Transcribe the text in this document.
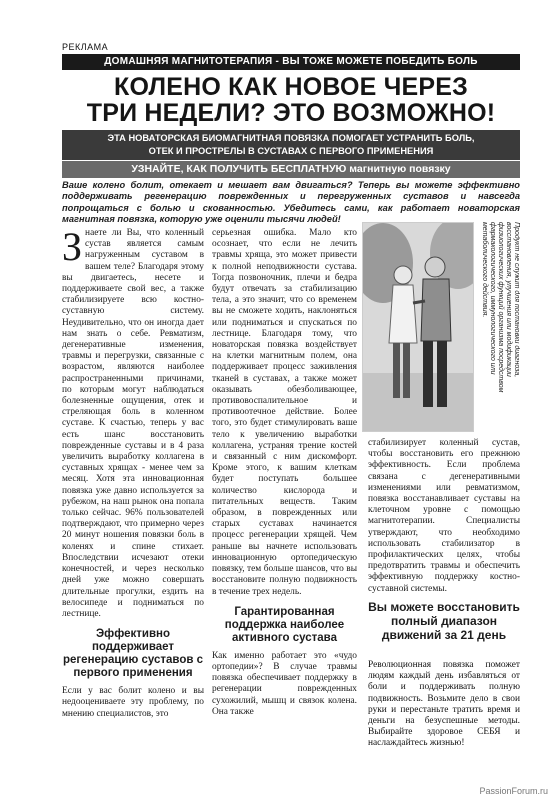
РЕКЛАМА
ДОМАШНЯЯ МАГНИТОТЕРАПИЯ - ВЫ ТОЖЕ МОЖЕТЕ ПОБЕДИТЬ БОЛЬ
КОЛЕНО КАК НОВОЕ ЧЕРЕЗ
ТРИ НЕДЕЛИ? ЭТО ВОЗМОЖНО!
ЭТА НОВАТОРСКАЯ БИОМАГНИТНАЯ ПОВЯЗКА ПОМОГАЕТ УСТРАНИТЬ БОЛЬ,
ОТЕК И ПРОСТРЕЛЫ В СУСТАВАХ С ПЕРВОГО ПРИМЕНЕНИЯ
УЗНАЙТЕ, КАК ПОЛУЧИТЬ БЕСПЛАТНУЮ магнитную повязку
Ваше колено болит, отекает и мешает вам двигаться? Теперь вы можете эффективно поддерживать регенерацию поврежденных и перегруженных суставов и навсегда попрощаться с болью и скованностью. Убедитесь сами, как работает новаторская магнитная повязка, которую уже оценили тысячи людей!

Знаете ли Вы, что коленный сустав является самым нагруженным суставом в вашем теле? Благодаря этому вы двигаетесь, несете и поддерживаете свой вес, а также стабилизируете всю костно-суставную систему. Неудивительно, что он иногда дает нам знать о себе. Ревматизм, дегенеративные изменения, травмы и перегрузки, связанные с возрастом, являются наиболее распространенными причинами, по которым могут наблюдаться болезненные ощущения, отек и стреляющая боль в коленном суставе. К счастью, теперь у вас есть шанс восстановить поврежденные суставы и в 4 раза увеличить выработку коллагена в суставных хрящах - менее чем за месяц. Хотя эта инновационная повязка уже давно используется за рубежом, на наш рынок она попала только сейчас. 96% пользователей подтверждают, что примерно через 20 минут ношения повязки боль в коленях и спине стихает. Впоследствии исчезают отеки конечностей, и через несколько дней уже можно совершать длительные прогулки, ездить на велосипеде и подниматься по лестнице.

Эффективно поддерживает регенерацию суставов с первого применения

Если у вас болит колено и вы недооцениваете эту проблему, по мнению специалистов, это

серьезная ошибка. Мало кто осознает, что если не лечить травмы хряща, это может привести к полной неподвижности сустава. Тогда позвоночник, плечи и бедра будут отвечать за стабилизацию тела, а это значит, что со временем вы не сможете ходить, наклоняться или подниматься и спускаться по лестнице. Благодаря тому, что новаторская повязка воздействует на клетки магнитным полем, она поддерживает процесс заживления тканей в суставах, а также может оказывать обезболивающее, противовоспалительное и противоотечное действие. Более того, это будет стимулировать ваше тело к увеличению выработки коллагена, устраняя трение костей и связанный с ним дискомфорт. Кроме этого, к вашим клеткам будет поступать большее количество кислорода и питательных веществ. Таким образом, в поврежденных или старых суставах начинается процесс регенерации хрящей. Чем раньше вы начнете использовать инновационную ортопедическую повязку, тем больше шансов, что вы восстановите полную подвижность в течение трех недель.

Гарантированная поддержка наиболее активного сустава

Как именно работает это «чудо ортопедии»? В случае травмы повязка обеспечивает поддержку в регенерации поврежденных сухожилий, мышц и связок колена. Она также

Продукт не служит для постановки диагноза, восстановления, улучшения или модификации физиологических функций организма посредством фармакологического, иммунологического или метаболического действия.

стабилизирует коленный сустав, чтобы восстановить его прежнюю эффективность. Если проблема связана с дегенеративными изменениями или ревматизмом, повязка восстанавливает суставы на клеточном уровне с помощью магнитотерапии. Специалисты утверждают, что необходимо использовать стабилизатор в профилактических целях, чтобы предотвратить травмы и обеспечить эффективную поддержку костно-суставной системы.

Вы можете восстановить полный диапазон движений за 21 день
Революционная повязка поможет людям каждый день избавляться от боли и поддерживать полную подвижность. Возьмите дело в свои руки и перестаньте тратить время и деньги на безуспешные методы. Выбирайте здоровое СЕБЯ и наслаждайтесь жизнью!
PassionForum.ru
